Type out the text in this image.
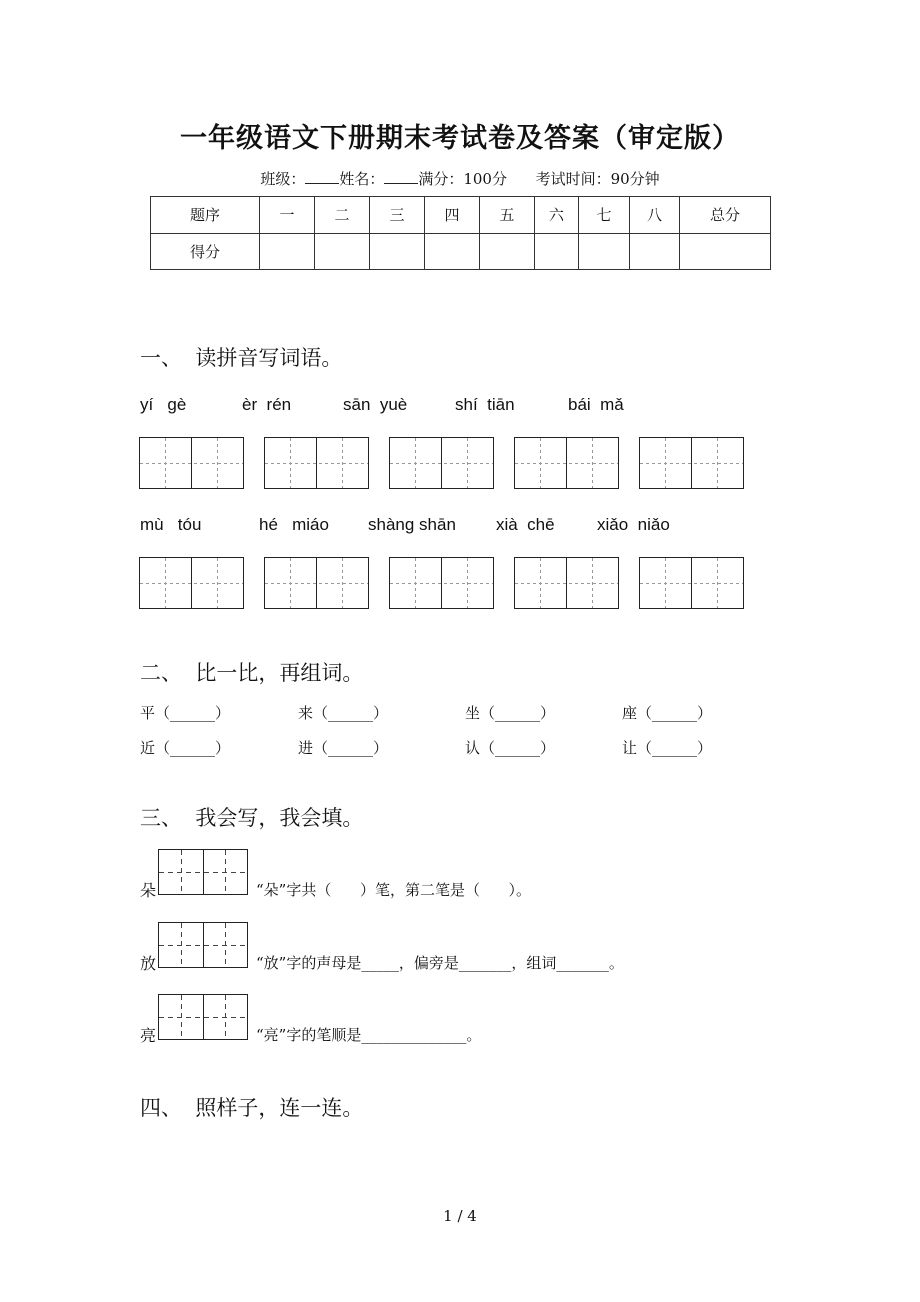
一年级语文下册期末考试卷及答案（审定版）
班级： 姓名： 满分：100分 考试时间：90分钟
题序	一	二	三	四	五	六	七	八	总分
得分									
一、  读拼音写词语。
yí   gè	èr  rén	sān  yuè	shí  tiān	bái  mǎ
mù   tóu	hé   miáo shàng shān xià  chē xiǎo  niǎo
二、  比一比，再组词。
平（______）	来（______）	坐（______）	座（______）
近（______）	进（______）	认（______）	让（______）
三、  我会写，我会填。
朵	“朵”字共（      ）笔，第二笔是（      ）。
放	“放”字的声母是_____，偏旁是_______，组词_______。
亮	“亮”字的笔顺是______________。
四、  照样子，连一连。
1 / 4
